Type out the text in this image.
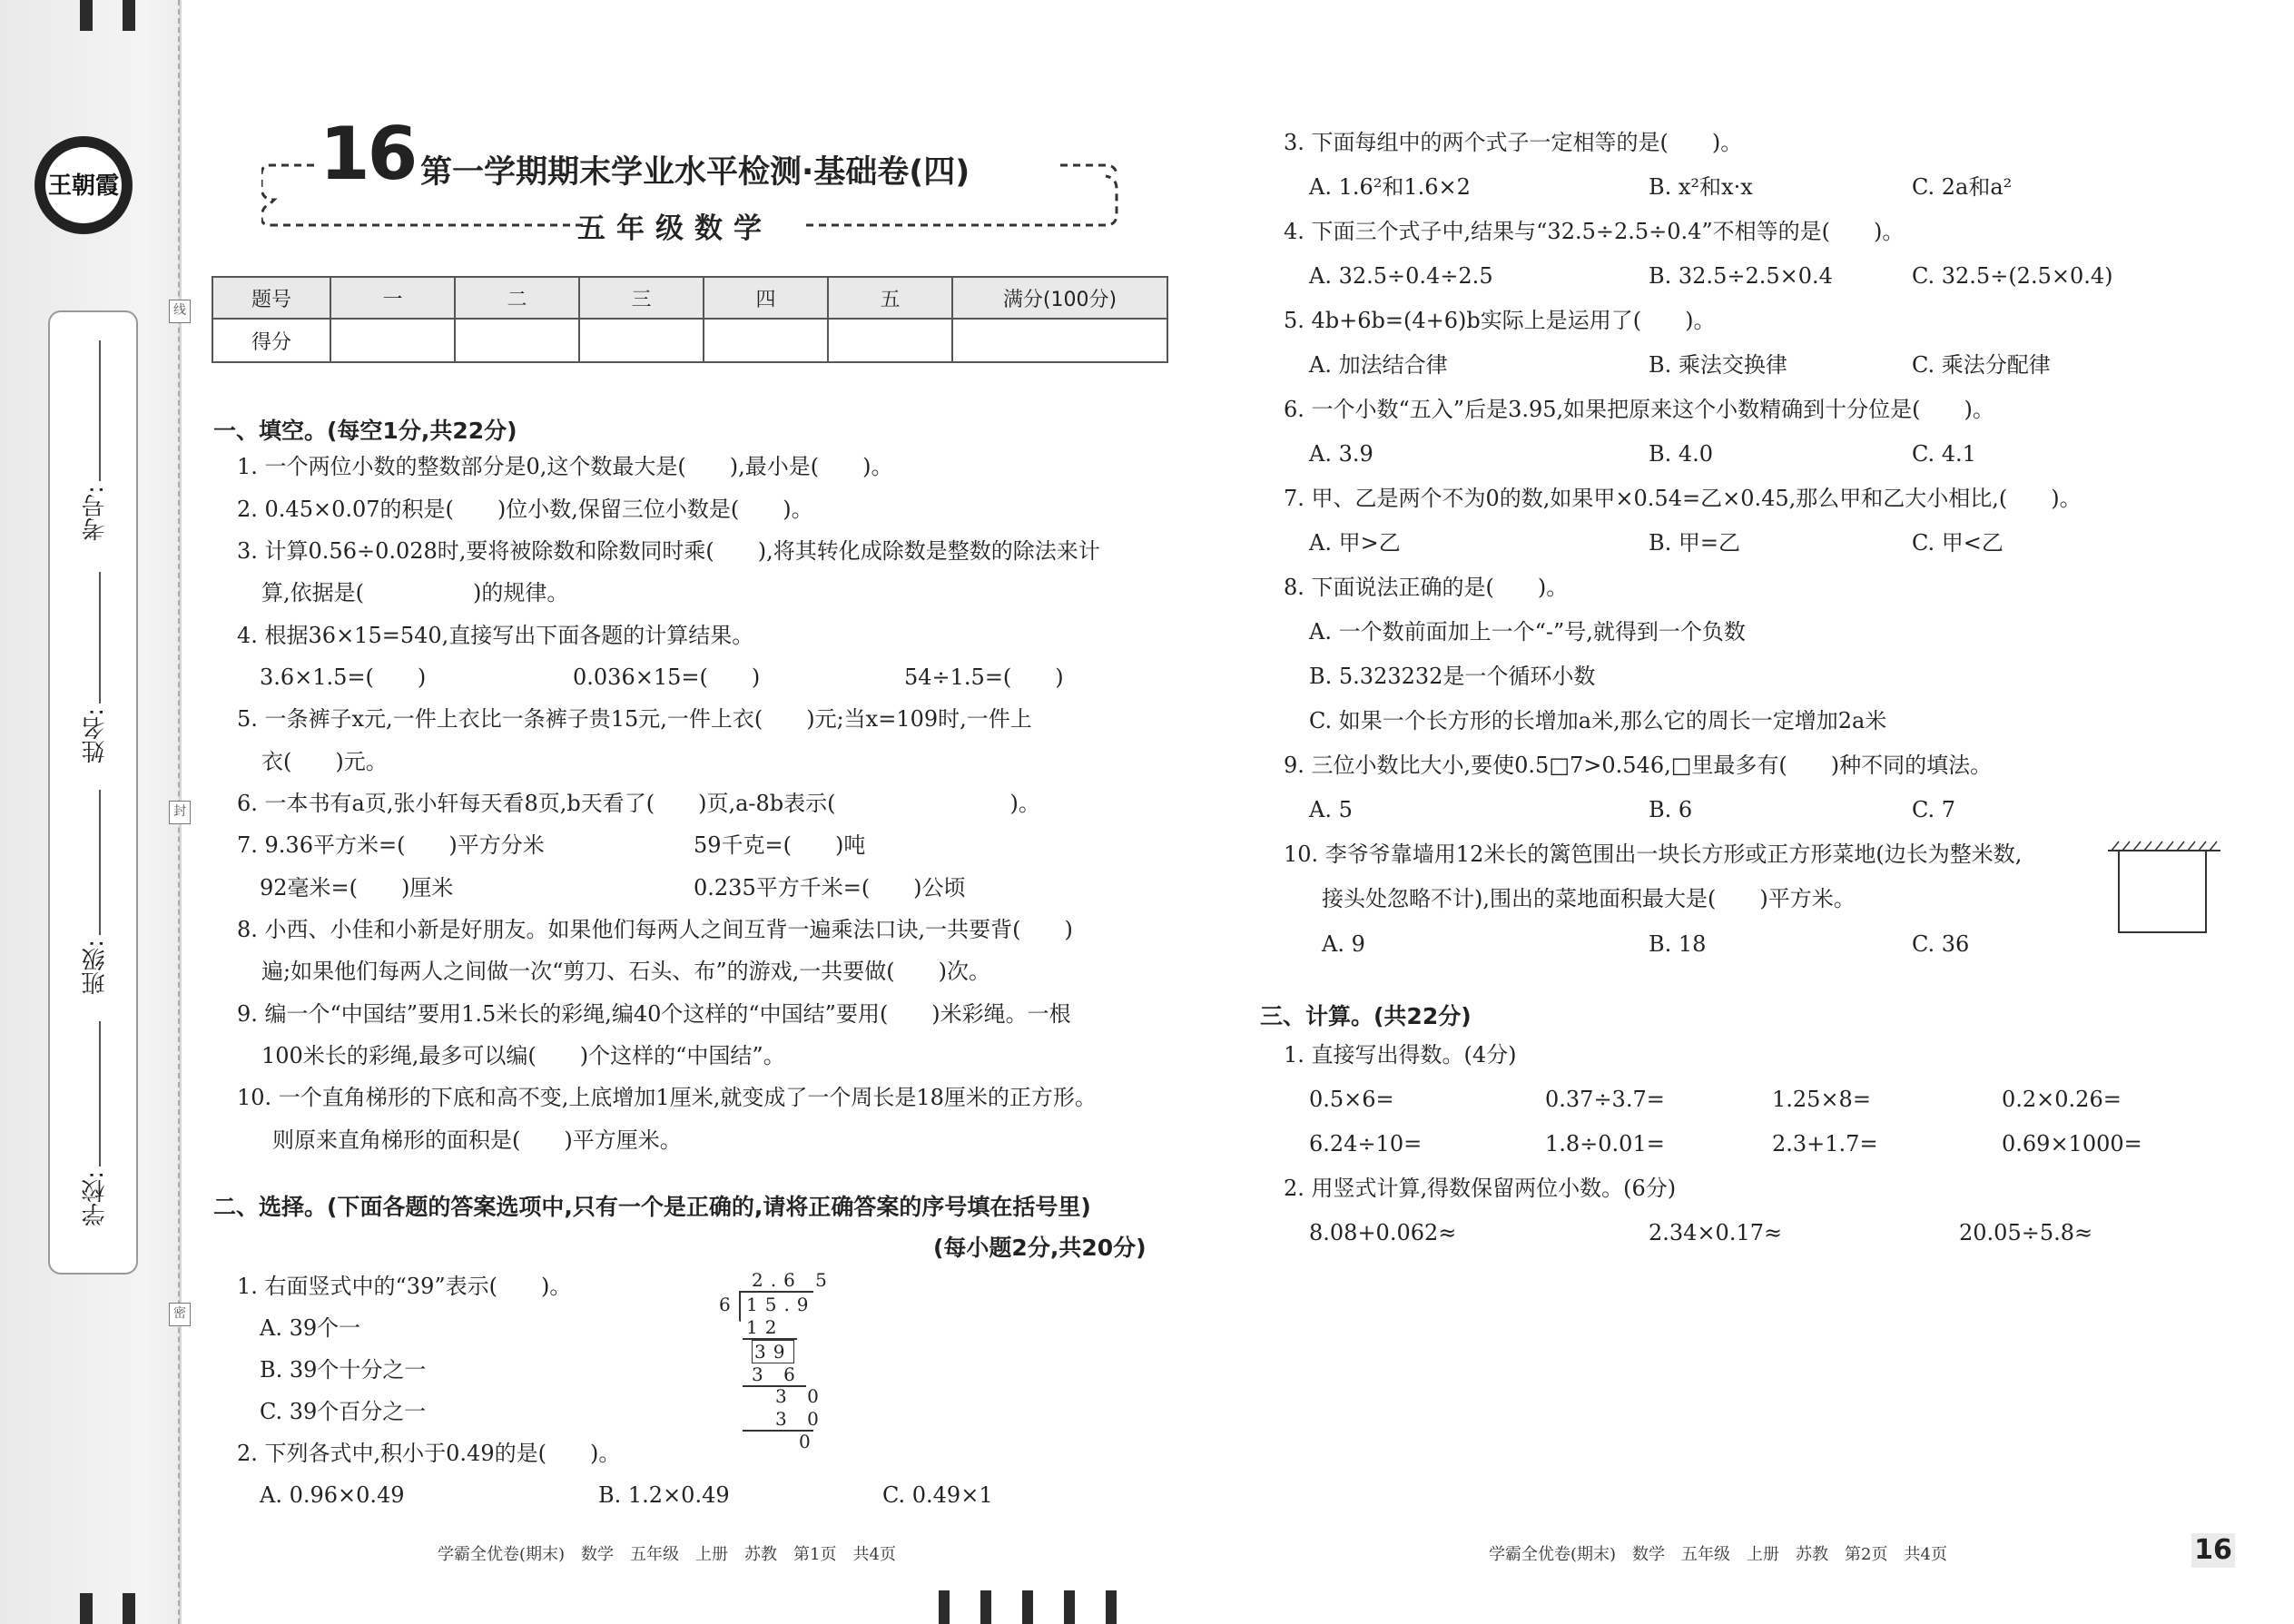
王朝霞
考号:
姓名:
班级:
学校:
线
封
密
16 第一学期期末学业水平检测·基础卷(四)
五年级数学
题号	一	二	三	四	五	满分(100分)
得分						
一、填空。(每空1分,共22分)
1. 一个两位小数的整数部分是0,这个数最大是(　　),最小是(　　)。
2. 0.45×0.07的积是(　　)位小数,保留三位小数是(　　)。
3. 计算0.56÷0.028时,要将被除数和除数同时乘(　　),将其转化成除数是整数的除法来计
算,依据是(　　　　　)的规律。
4. 根据36×15=540,直接写出下面各题的计算结果。
3.6×1.5=(　　)	0.036×15=(　　)	54÷1.5=(　　)
5. 一条裤子x元,一件上衣比一条裤子贵15元,一件上衣(　　)元;当x=109时,一件上
衣(　　)元。
6. 一本书有a页,张小轩每天看8页,b天看了(　　)页,a-8b表示(　　　　　　　　)。
7. 9.36平方米=(　　)平方分米	59千克=(　　)吨
92毫米=(　　)厘米	0.235平方千米=(　　)公顷
8. 小西、小佳和小新是好朋友。如果他们每两人之间互背一遍乘法口诀,一共要背(　　)
遍;如果他们每两人之间做一次“剪刀、石头、布”的游戏,一共要做(　　)次。
9. 编一个“中国结”要用1.5米长的彩绳,编40个这样的“中国结”要用(　　)米彩绳。一根
100米长的彩绳,最多可以编(　　)个这样的“中国结”。
10. 一个直角梯形的下底和高不变,上底增加1厘米,就变成了一个周长是18厘米的正方形。
则原来直角梯形的面积是(　　)平方厘米。
二、选择。(下面各题的答案选项中,只有一个是正确的,请将正确答案的序号填在括号里)
(每小题2分,共20分)
1. 右面竖式中的“39”表示(　　)。
A. 39个一
B. 39个十分之一
C. 39个百分之一
2. 下列各式中,积小于0.49的是(　　)。
A. 0.96×0.49	B. 1.2×0.49	C. 0.49×1
2.6 5
6 15.9
12
39
3 6
3 0
3 0
0
3. 下面每组中的两个式子一定相等的是(　　)。
A. 1.6²和1.6×2	B. x²和x·x	C. 2a和a²
4. 下面三个式子中,结果与“32.5÷2.5÷0.4”不相等的是(　　)。
A. 32.5÷0.4÷2.5	B. 32.5÷2.5×0.4	C. 32.5÷(2.5×0.4)
5. 4b+6b=(4+6)b实际上是运用了(　　)。
A. 加法结合律	B. 乘法交换律	C. 乘法分配律
6. 一个小数“五入”后是3.95,如果把原来这个小数精确到十分位是(　　)。
A. 3.9	B. 4.0	C. 4.1
7. 甲、乙是两个不为0的数,如果甲×0.54=乙×0.45,那么甲和乙大小相比,(　　)。
A. 甲>乙	B. 甲=乙	C. 甲<乙
8. 下面说法正确的是(　　)。
A. 一个数前面加上一个“-”号,就得到一个负数
B. 5.323232是一个循环小数
C. 如果一个长方形的长增加a米,那么它的周长一定增加2a米
9. 三位小数比大小,要使0.5□7>0.546,□里最多有(　　)种不同的填法。
A. 5	B. 6	C. 7
10. 李爷爷靠墙用12米长的篱笆围出一块长方形或正方形菜地(边长为整米数,
接头处忽略不计),围出的菜地面积最大是(　　)平方米。
A. 9	B. 18	C. 36
三、计算。(共22分)
1. 直接写出得数。(4分)
0.5×6=	0.37÷3.7=	1.25×8=	0.2×0.26=
6.24÷10=	1.8÷0.01=	2.3+1.7=	0.69×1000=
2. 用竖式计算,得数保留两位小数。(6分)
8.08+0.062≈	2.34×0.17≈	20.05÷5.8≈
学霸全优卷(期末)　数学　五年级　上册　苏教　第1页　共4页	学霸全优卷(期末)　数学　五年级　上册　苏教　第2页　共4页	16
